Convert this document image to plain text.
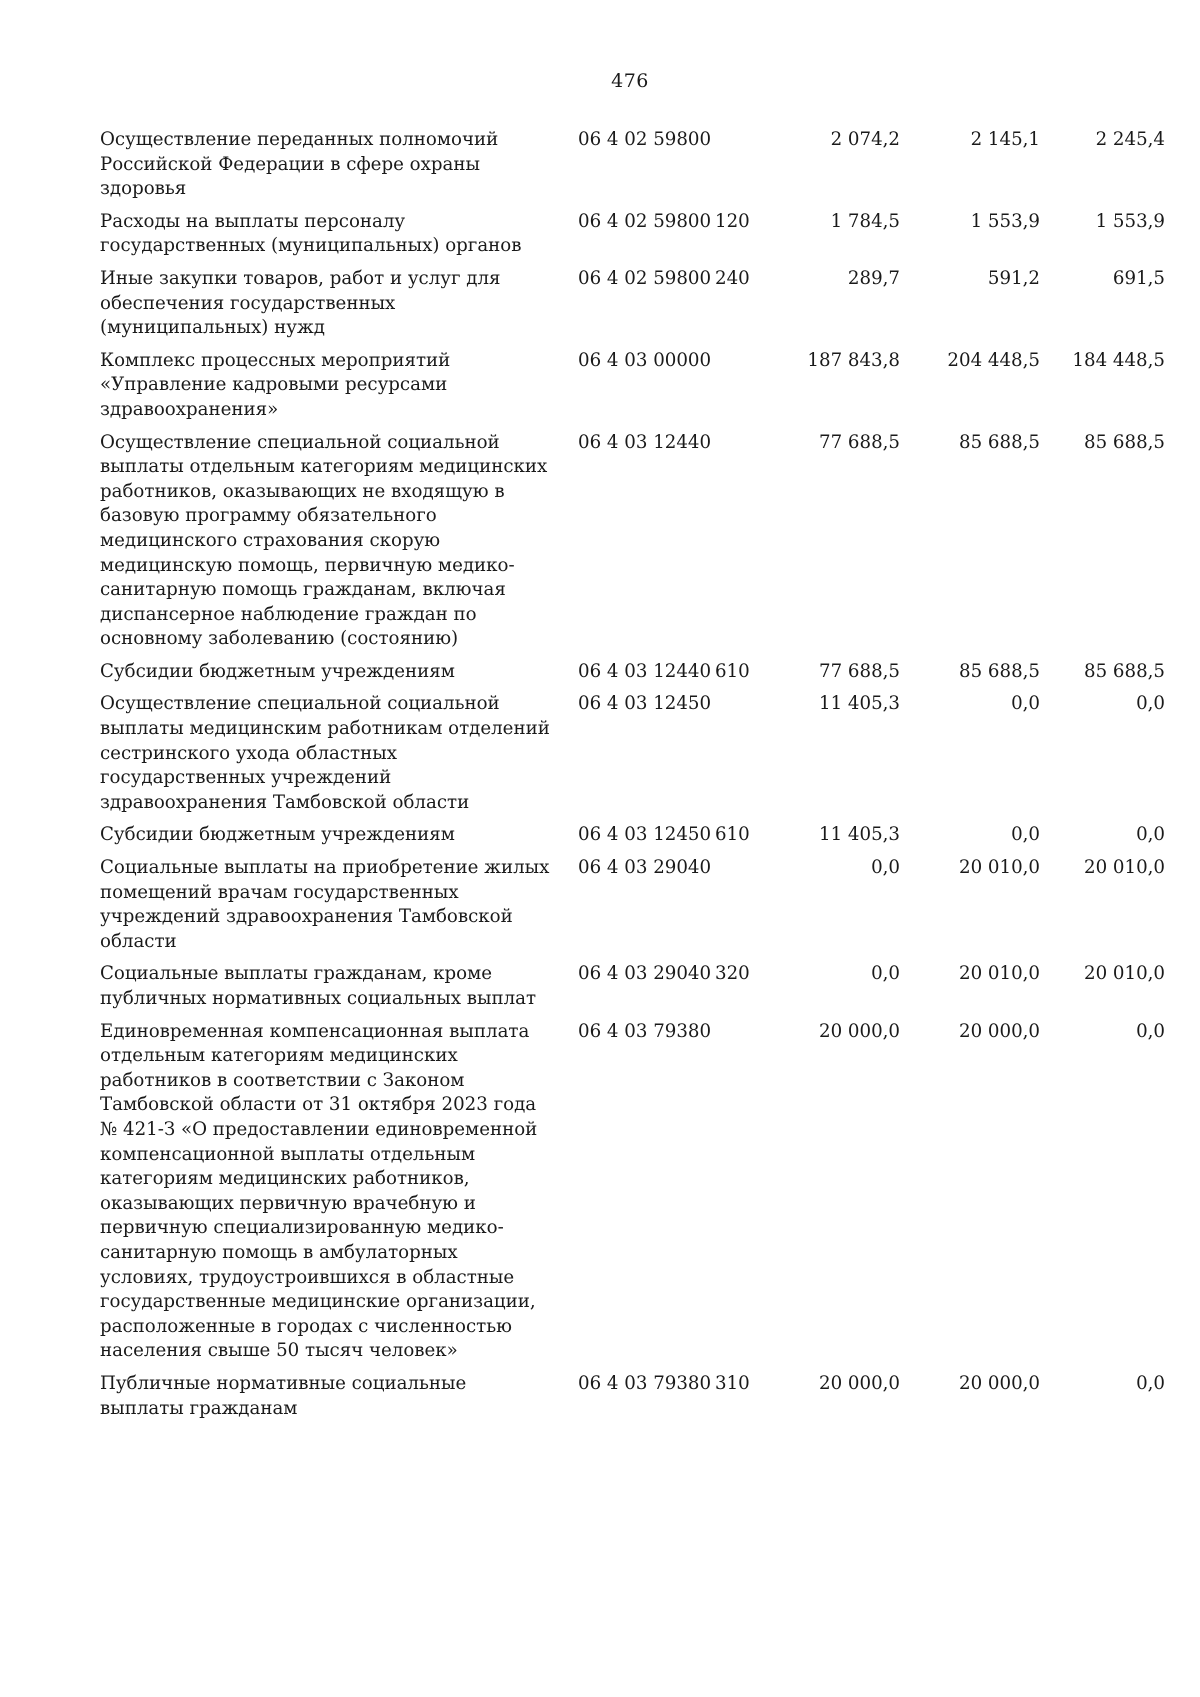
476
Осуществление переданных полномочий Российской Федерации в сфере охраны здоровья	06 4 02 59800		2 074,2	2 145,1	2 245,4
Расходы на выплаты персоналу государственных (муниципальных) органов	06 4 02 59800	120	1 784,5	1 553,9	1 553,9
Иные закупки товаров, работ и услуг для обеспечения государственных (муниципальных) нужд	06 4 02 59800	240	289,7	591,2	691,5
Комплекс процессных мероприятий «Управление кадровыми ресурсами здравоохранения»	06 4 03 00000		187 843,8	204 448,5	184 448,5
Осуществление специальной социальной выплаты отдельным категориям медицинских работников, оказывающих не входящую в базовую программу обязательного медицинского страхования скорую медицинскую помощь, первичную медико-санитарную помощь гражданам, включая диспансерное наблюдение граждан по основному заболеванию (состоянию)	06 4 03 12440		77 688,5	85 688,5	85 688,5
Субсидии бюджетным учреждениям	06 4 03 12440	610	77 688,5	85 688,5	85 688,5
Осуществление специальной социальной выплаты медицинским работникам отделений сестринского ухода областных государственных учреждений здравоохранения Тамбовской области	06 4 03 12450		11 405,3	0,0	0,0
Субсидии бюджетным учреждениям	06 4 03 12450	610	11 405,3	0,0	0,0
Социальные выплаты на приобретение жилых помещений врачам государственных учреждений здравоохранения Тамбовской области	06 4 03 29040		0,0	20 010,0	20 010,0
Социальные выплаты гражданам, кроме публичных нормативных социальных выплат	06 4 03 29040	320	0,0	20 010,0	20 010,0
Единовременная компенсационная выплата отдельным категориям медицинских работников в соответствии с Законом Тамбовской области от 31 октября 2023 года № 421-З «О предоставлении единовременной компенсационной выплаты отдельным категориям медицинских работников, оказывающих первичную врачебную и первичную специализированную медико-санитарную помощь в амбулаторных условиях, трудоустроившихся в областные государственные медицинские организации, расположенные в городах с численностью населения свыше 50 тысяч человек»	06 4 03 79380		20 000,0	20 000,0	0,0
Публичные нормативные социальные выплаты гражданам	06 4 03 79380	310	20 000,0	20 000,0	0,0
